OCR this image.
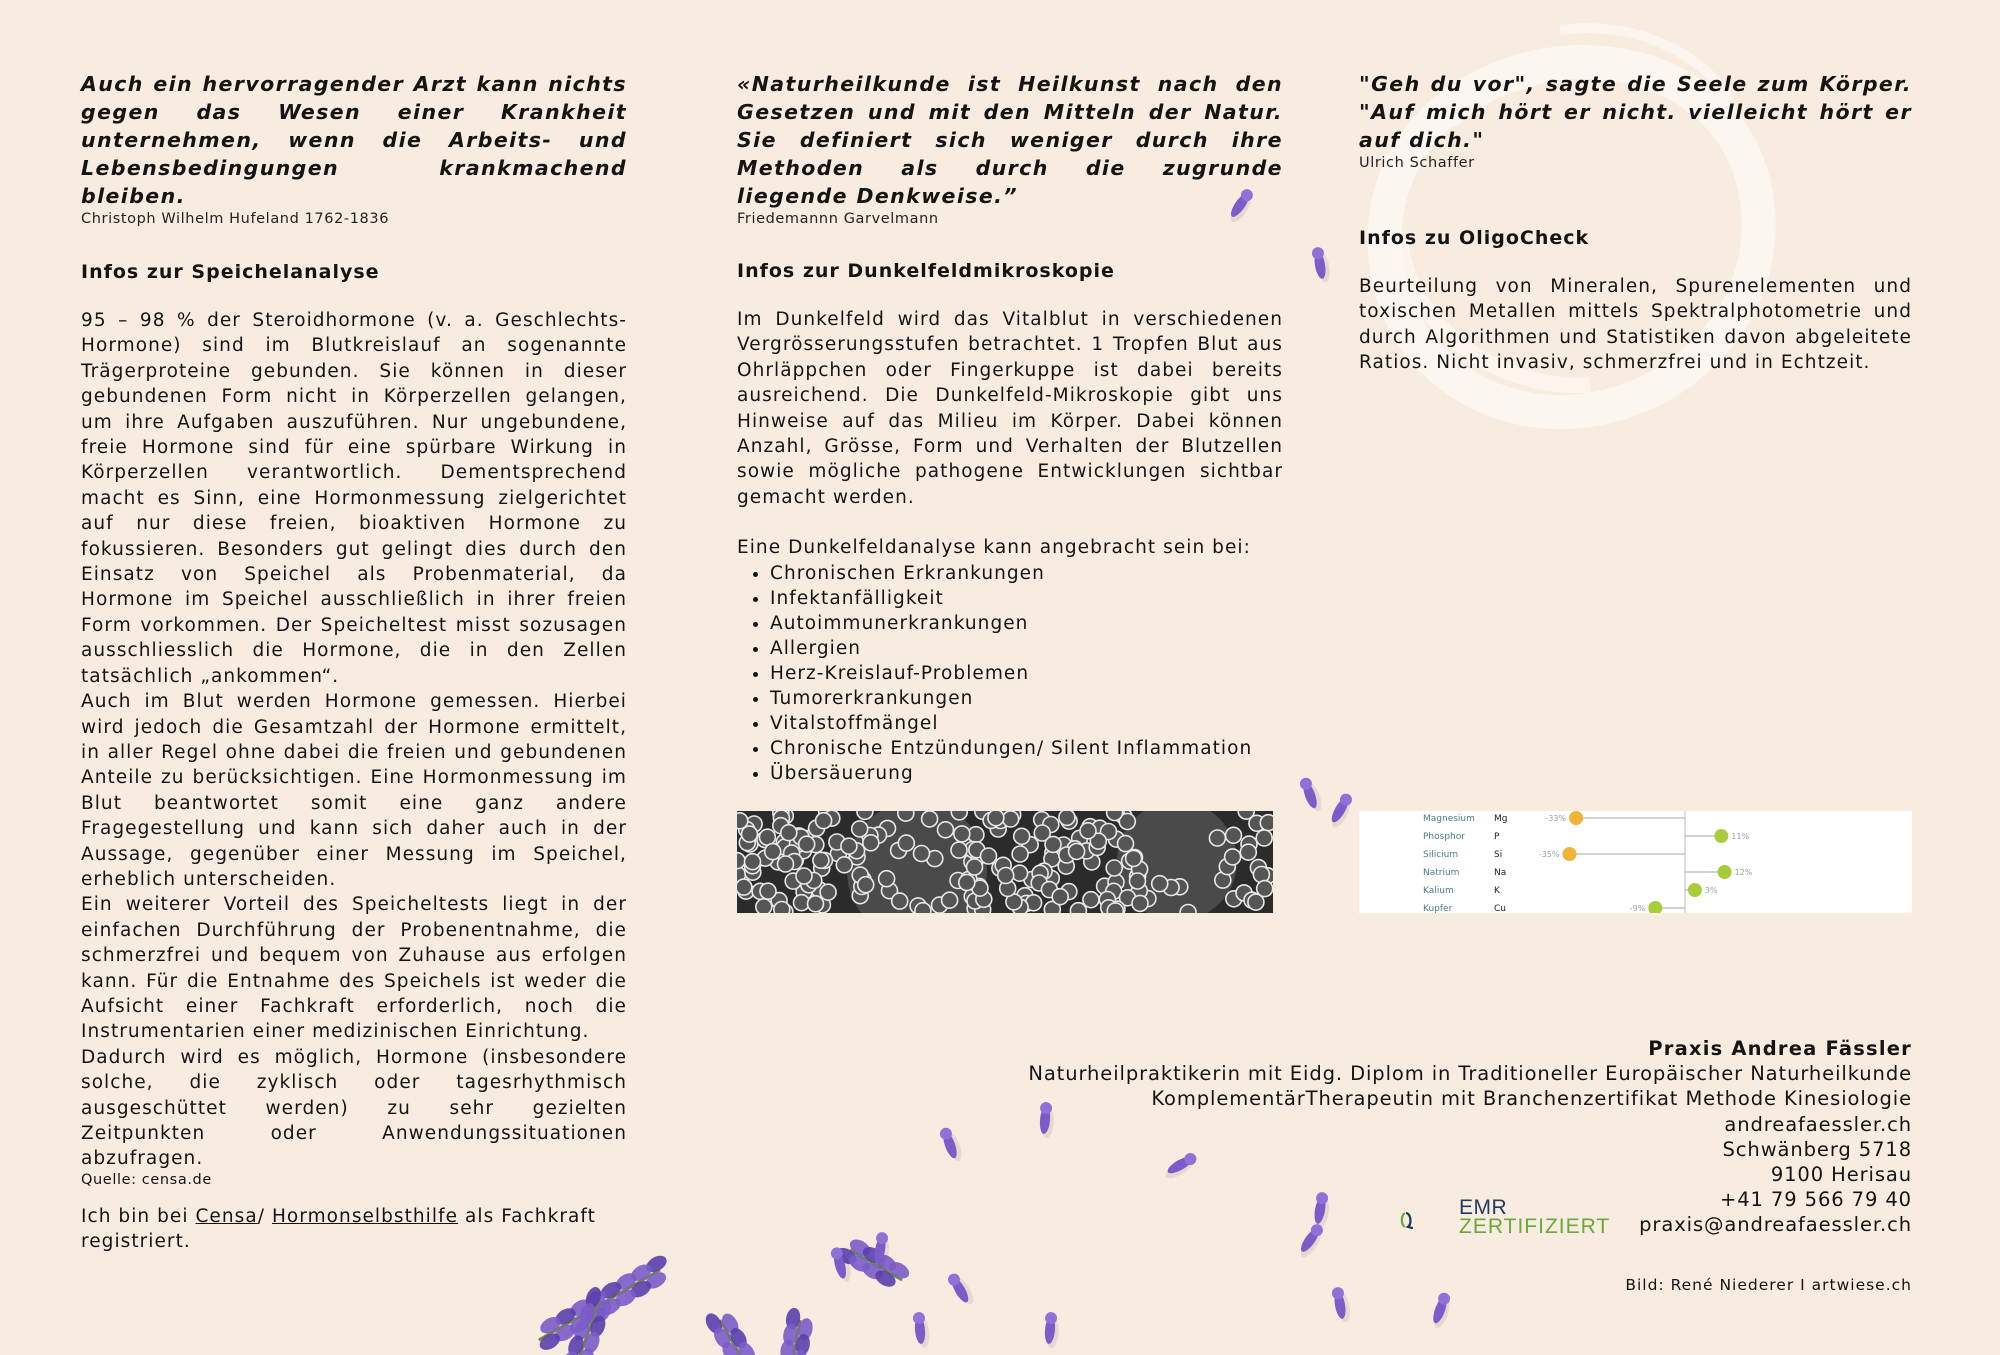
Auch ein hervorragender Arzt kann nichts gegen das Wesen einer Krankheit unternehmen, wenn die Arbeits- und Lebensbedingungen krankmachend bleiben.

Christoph Wilhelm Hufeland 1762-1836

Infos zur Speichelanalyse

95 – 98 % der Steroidhormone (v. a. Geschlechts-Hormone) sind im Blutkreislauf an sogenannte Trägerproteine gebunden. Sie können in dieser gebundenen Form nicht in Körperzellen gelangen, um ihre Aufgaben auszuführen. Nur ungebundene, freie Hormone sind für eine spürbare Wirkung in Körperzellen verantwortlich. Dementsprechend macht es Sinn, eine Hormonmessung zielgerichtet auf nur diese freien, bioaktiven Hormone zu fokussieren. Besonders gut gelingt dies durch den Einsatz von Speichel als Probenmaterial, da Hormone im Speichel ausschließlich in ihrer freien Form vorkommen. Der Speicheltest misst sozusagen ausschliesslich die Hormone, die in den Zellen tatsächlich „ankommen“.

Auch im Blut werden Hormone gemessen. Hierbei wird jedoch die Gesamtzahl der Hormone ermittelt, in aller Regel ohne dabei die freien und gebundenen Anteile zu berücksichtigen. Eine Hormonmessung im Blut beantwortet somit eine ganz andere Fragegestellung und kann sich daher auch in der Aussage, gegenüber einer Messung im Speichel, erheblich unterscheiden.

Ein weiterer Vorteil des Speicheltests liegt in der einfachen Durchführung der Probenentnahme, die schmerzfrei und bequem von Zuhause aus erfolgen kann. Für die Entnahme des Speichels ist weder die Aufsicht einer Fachkraft erforderlich, noch die Instrumentarien einer medizinischen Einrichtung.

Dadurch wird es möglich, Hormone (insbesondere solche, die zyklisch oder tagesrhythmisch ausgeschüttet werden) zu sehr gezielten Zeitpunkten oder Anwendungssituationen abzufragen.

Quelle: censa.de

Ich bin bei Censa/ Hormonselbsthilfe als Fachkraft registriert.

«Naturheilkunde ist Heilkunst nach den Gesetzen und mit den Mitteln der Natur. Sie definiert sich weniger durch ihre Methoden als durch die zugrunde liegende Denkweise.”

Friedemannn Garvelmann

Infos zur Dunkelfeldmikroskopie

Im Dunkelfeld wird das Vitalblut in verschiedenen Vergrösserungsstufen betrachtet. 1 Tropfen Blut aus Ohrläppchen oder Fingerkuppe ist dabei bereits ausreichend. Die Dunkelfeld-Mikroskopie gibt uns Hinweise auf das Milieu im Körper. Dabei können Anzahl, Grösse, Form und Verhalten der Blutzellen sowie mögliche pathogene Entwicklungen sichtbar gemacht werden.

Eine Dunkelfeldanalyse kann angebracht sein bei:

• Chronischen Erkrankungen
• Infektanfälligkeit
• Autoimmunerkrankungen
• Allergien
• Herz-Kreislauf-Problemen
• Tumorerkrankungen
• Vitalstoffmängel
• Chronische Entzündungen/ Silent Inflammation
• Übersäuerung

"Geh du vor", sagte die Seele zum Körper. "Auf mich hört er nicht. vielleicht hört er auf dich."

Ulrich Schaffer

Infos zu OligoCheck

Beurteilung von Mineralen, Spurenelementen und toxischen Metallen mittels Spektralphotometrie und durch Algorithmen und Statistiken davon abgeleitete Ratios. Nicht invasiv, schmerzfrei und in Echtzeit.

Magnesium Mg	-33%
Phosphor	P	11%
Silicium	Si	-35%
Natrium	Na	12%
Kalium	K	3%
Kupfer	Cu	-9%

Praxis Andrea Fässler

Naturheilpraktikerin mit Eidg. Diplom in Traditioneller Europäischer Naturheilkunde

KomplementärTherapeutin mit Branchenzertifikat Methode Kinesiologie

andreafaessler.ch

Schwänberg 5718

9100 Herisau

+41 79 566 79 40

praxis@andreafaessler.ch

Bild: René Niederer I artwiese.ch

EMR
ZERTIFIZIERT
